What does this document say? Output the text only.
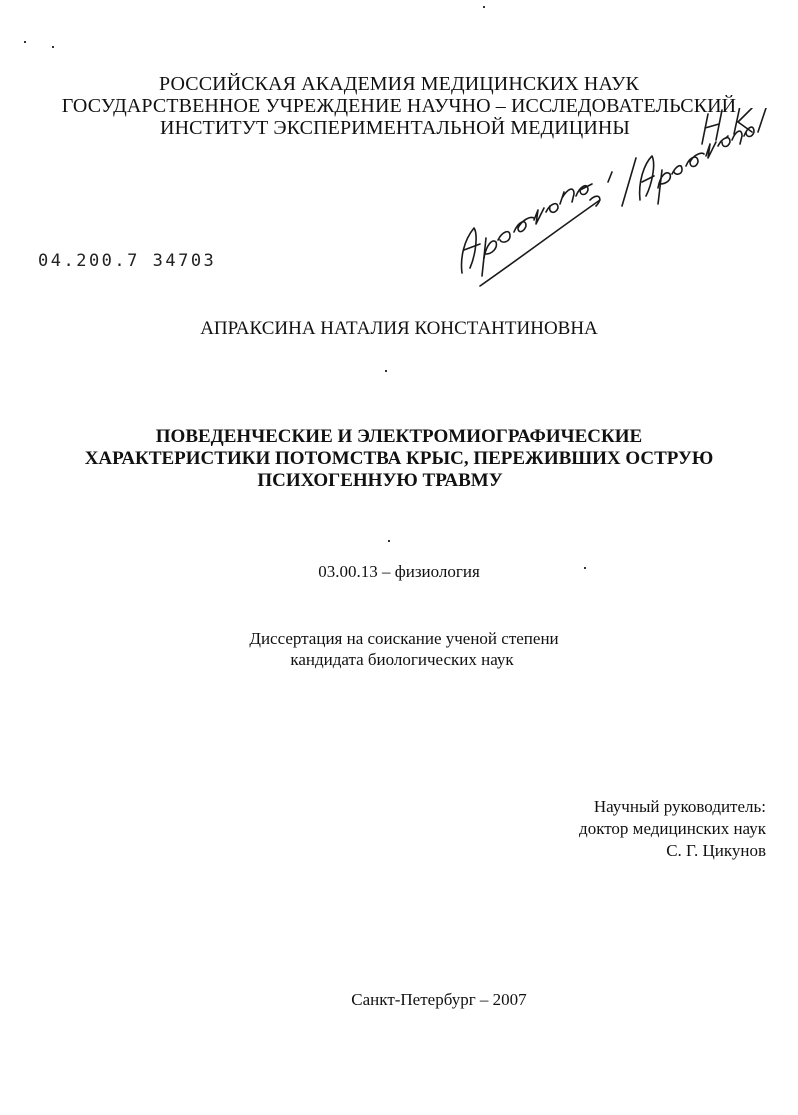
РОССИЙСКАЯ АКАДЕМИЯ МЕДИЦИНСКИХ НАУК
ГОСУДАРСТВЕННОЕ УЧРЕЖДЕНИЕ НАУЧНО – ИССЛЕДОВАТЕЛЬСКИЙ
ИНСТИТУТ ЭКСПЕРИМЕНТАЛЬНОЙ МЕДИЦИНЫ
04.200.7 34703
АПРАКСИНА НАТАЛИЯ КОНСТАНТИНОВНА
ПОВЕДЕНЧЕСКИЕ И ЭЛЕКТРОМИОГРАФИЧЕСКИЕ
ХАРАКТЕРИСТИКИ ПОТОМСТВА КРЫС, ПЕРЕЖИВШИХ ОСТРУЮ
ПСИХОГЕННУЮ ТРАВМУ
03.00.13 – физиология
Диссертация на соискание ученой степени
кандидата биологических наук
Научный руководитель:
доктор медицинских наук
С. Г. Цикунов
Санкт-Петербург – 2007
